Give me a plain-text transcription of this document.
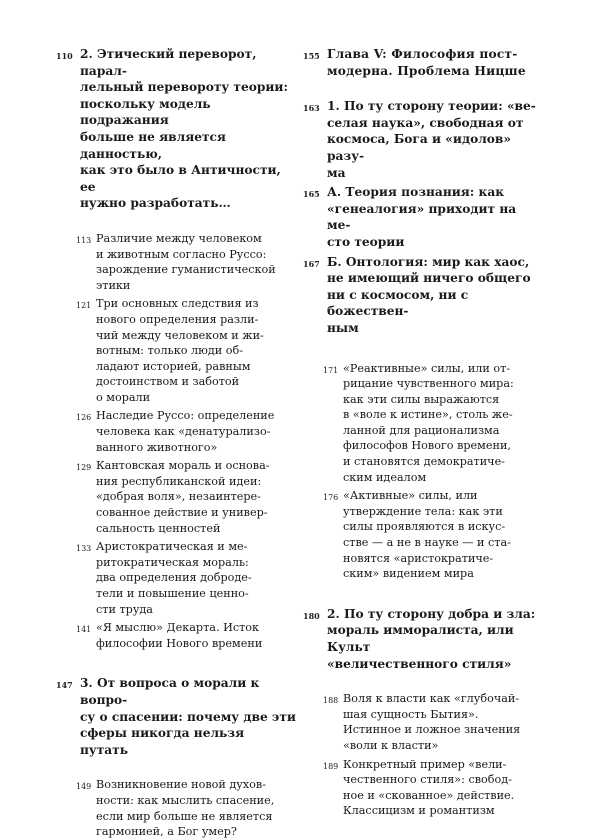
110 2. Этический переворот, парал-
лельный перевороту теории:
поскольку модель подражания
больше не является данностью,
как это было в Античности, ее
нужно разработать…
113 Различие между человеком
и животным согласно Руссо:
зарождение гуманистической
этики
121 Три основных следствия из
нового определения разли-
чий между человеком и жи-
вотным: только люди об-
ладают историей, равным
достоинством и заботой
о морали
126 Наследие Руссо: определение
человека как «денатурализо-
ванного животного»
129 Кантовская мораль и основа-
ния республиканской идеи:
«добрая воля», незаинтере-
сованное действие и универ-
сальность ценностей
133 Аристократическая и ме-
ритократическая мораль:
два определения доброде-
тели и повышение ценно-
сти труда
141 «Я мыслю» Декарта. Исток
философии Нового времени
147 3. От вопроса о морали к вопро-
су о спасении: почему две эти
сферы никогда нельзя путать
149 Возникновение новой духов-
ности: как мыслить спасение,
если мир больше не является
гармонией, а Бог умер?
155 Глава V: Философия пост-
модерна. Проблема Ницше
163 1. По ту сторону теории: «ве-
селая наука», свободная от
космоса, Бога и «идолов» разу-
ма
165 А. Теория познания: как
«генеалогия» приходит на ме-
сто теории
167 Б. Онтология: мир как хаос,
не имеющий ничего общего
ни с космосом, ни с божествен-
ным
171 «Реактивные» силы, или от-
рицание чувственного мира:
как эти силы выражаются
в «воле к истине», столь же-
ланной для рационализма
философов Нового времени,
и становятся демократиче-
ским идеалом
176 «Активные» силы, или
утверждение тела: как эти
силы проявляются в искус-
стве — а не в науке — и ста-
новятся «аристократиче-
ским» видением мира
180 2. По ту сторону добра и зла:
мораль имморалиста, или Культ
«величественного стиля»
188 Воля к власти как «глубочай-
шая сущность Бытия».
Истинное и ложное значения
«воли к власти»
189 Конкретный пример «вели-
чественного стиля»: свобод-
ное и «скованное» действие.
Классицизм и романтизм
